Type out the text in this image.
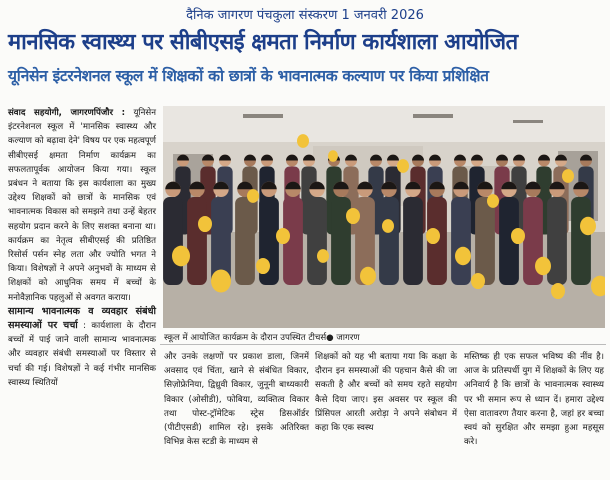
दैनिक जागरण पंचकुला संस्करण 1 जनवरी 2026
मानसिक स्वास्थ्य पर सीबीएसई क्षमता निर्माण कार्यशाला आयोजित
यूनिसेन इंटरनेशनल स्कूल में शिक्षकों को छात्रों के भावनात्मक कल्याण पर किया प्रशिक्षित

संवाद सहयोगी, जागरणपिंजौर : यूनिसेन इंटरनेशनल स्कूल में 'मानसिक स्वास्थ्य और कल्याण को बढ़ावा देने' विषय पर एक महत्वपूर्ण सीबीएसई क्षमता निर्माण कार्यक्रम का सफलतापूर्वक आयोजन किया गया। स्कूल प्रबंधन ने बताया कि इस कार्यशाला का मुख्य उद्देश्य शिक्षकों को छात्रों के मानसिक एवं भावनात्मक विकास को समझने तथा उन्हें बेहतर सहयोग प्रदान करने के लिए सशक्त बनाना था। कार्यक्रम का नेतृत्व सीबीएसई की प्रतिष्ठित रिसोर्स पर्सन स्नेह लता और ज्योति भगत ने किया। विशेषज्ञों ने अपने अनुभवों के माध्यम से शिक्षकों को आधुनिक समय में बच्चों के मनोवैज्ञानिक पहलुओं से अवगत कराया।

सामान्य भावनात्मक व व्यवहार संबंधी समस्याओं पर चर्चा : कार्यशाला के दौरान बच्चों में पाई जाने वाली सामान्य भावनात्मक और व्यवहार संबंधी समस्याओं पर विस्तार से चर्चा की गई। विशेषज्ञों ने कई गंभीर मानसिक स्वास्थ्य स्थितियों

स्कूल में आयोजित कार्यक्रम के दौरान उपस्थित टीचर्स● जागरण

और उनके लक्षणों पर प्रकाश डाला, जिनमें अवसाद एवं चिंता, खाने से संबंधित विकार, सिज़ोफ्रेनिया, द्विध्रुवी विकार, जुनूनी बाध्यकारी विकार (ओसीडी), फोबिया, व्यक्तित्व विकार तथा पोस्ट-ट्रॉमेटिक स्ट्रेस डिसऑर्डर (पीटीएसडी) शामिल रहे। इसके अतिरिक्त विभिन्न केस स्टडी के माध्यम से

शिक्षकों को यह भी बताया गया कि कक्षा के दौरान इन समस्याओं की पहचान कैसे की जा सकती है और बच्चों को समय रहते सहयोग कैसे दिया जाए। इस अवसर पर स्कूल की प्रिंसिपल आरती अरोड़ा ने अपने संबोधन में कहा कि एक स्वस्थ

मस्तिष्क ही एक सफल भविष्य की नींव है। आज के प्रतिस्पर्धी युग में शिक्षकों के लिए यह अनिवार्य है कि छात्रों के भावनात्मक स्वास्थ्य पर भी समान रूप से ध्यान दें। हमारा उद्देश्य ऐसा वातावरण तैयार करना है, जहां हर बच्चा स्वयं को सुरक्षित और समझा हुआ महसूस करे।
